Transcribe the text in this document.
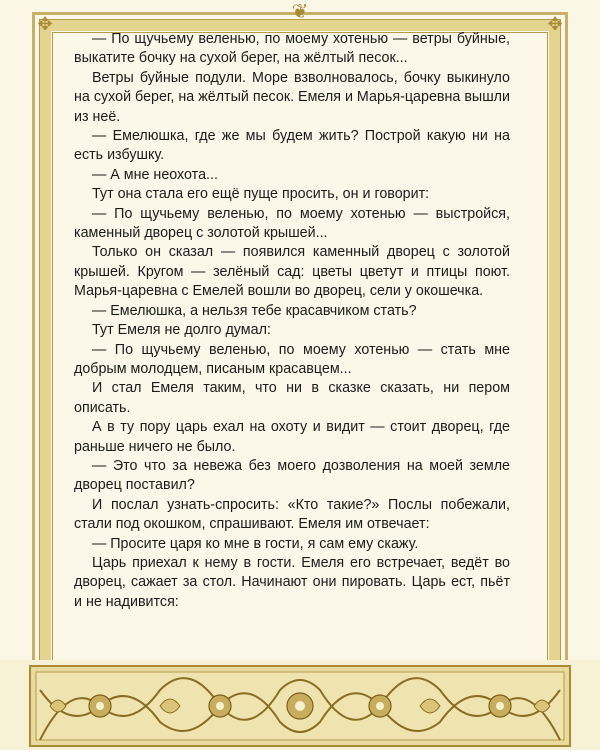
❦
✥	✥

— По щучьему веленью, по моему хотенью — ветры буйные, выкатите бочку на сухой берег, на жёлтый песок...

Ветры буйные подули. Море взволновалось, бочку выкинуло на сухой берег, на жёлтый песок. Емеля и Марья-царевна вышли из неё.

— Емелюшка, где же мы будем жить? Построй какую ни на есть избушку.

— А мне неохота...

Тут она стала его ещё пуще просить, он и говорит:

— По щучьему веленью, по моему хотенью — выстройся, каменный дворец с золотой крышей...

Только он сказал — появился каменный дворец с золотой крышей. Кругом — зелёный сад: цветы цветут и птицы поют. Марья-царевна с Емелей вошли во дворец, сели у окошечка.

— Емелюшка, а нельзя тебе красавчиком стать?

Тут Емеля не долго думал:

— По щучьему веленью, по моему хотенью — стать мне добрым молодцем, писаным красавцем...

И стал Емеля таким, что ни в сказке сказать, ни пером описать.

А в ту пору царь ехал на охоту и видит — стоит дворец, где раньше ничего не было.

— Это что за невежа без моего дозволения на моей земле дворец поставил?

И послал узнать-спросить: «Кто такие?» Послы побежали, стали под окошком, спрашивают. Емеля им отвечает:

— Просите царя ко мне в гости, я сам ему скажу.

Царь приехал к нему в гости. Емеля его встречает, ведёт во дворец, сажает за стол. Начинают они пировать. Царь ест, пьёт и не надивится:
